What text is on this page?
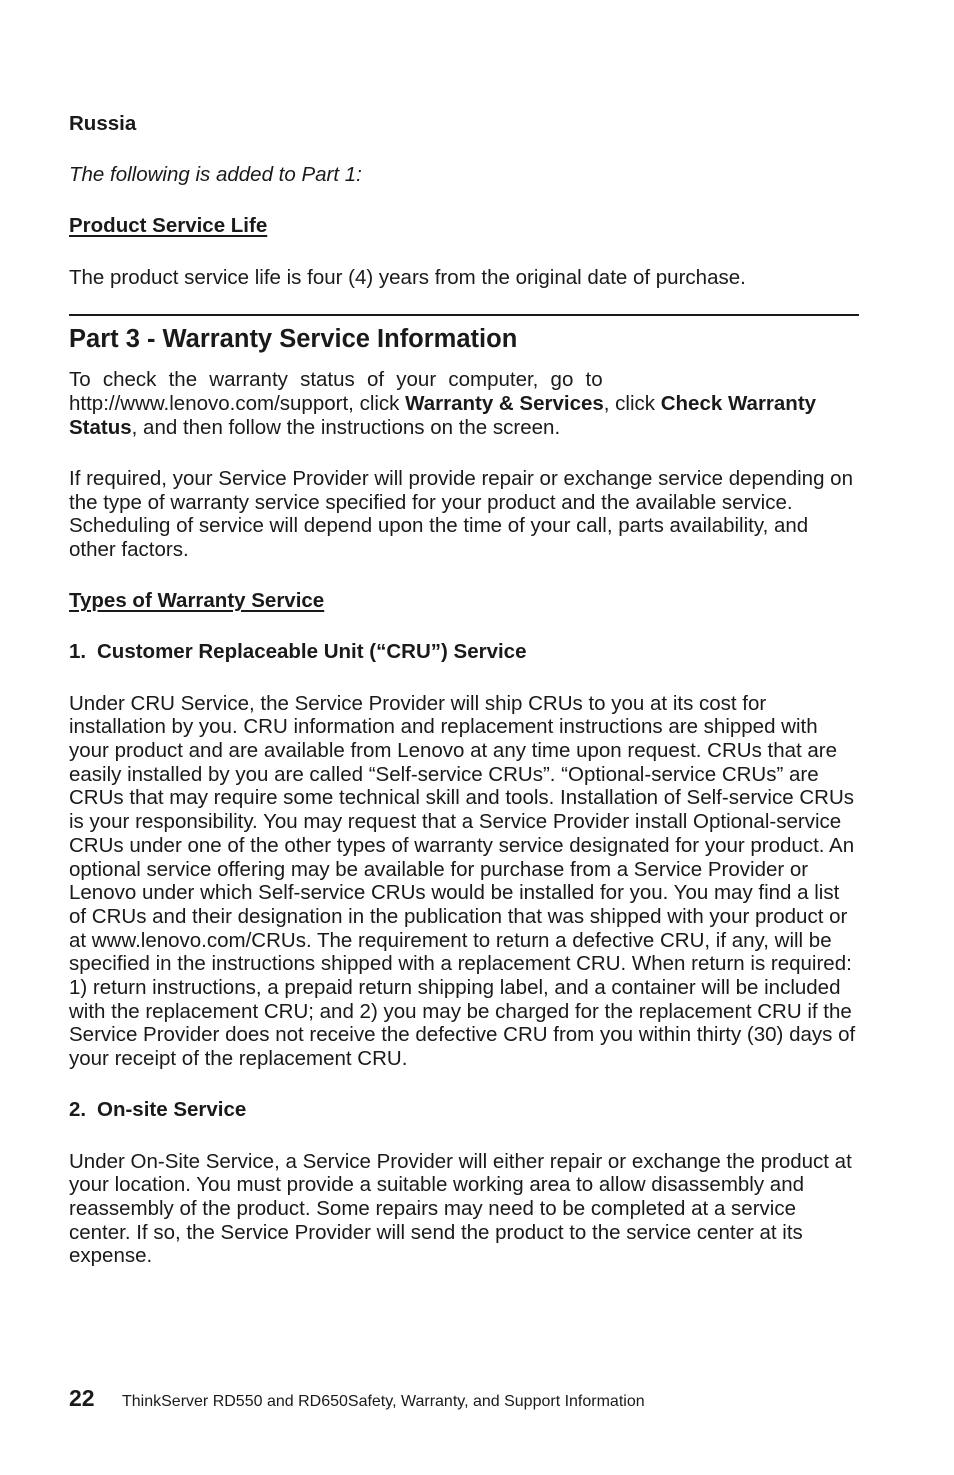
Russia

The following is added to Part 1:

Product Service Life

The product service life is four (4) years from the original date of purchase.

Part 3 - Warranty Service Information

To check the warranty status of your computer, go to
http://www.lenovo.com/support, click Warranty & Services, click Check Warranty Status, and then follow the instructions on the screen.

If required, your Service Provider will provide repair or exchange service depending on the type of warranty service specified for your product and the available service. Scheduling of service will depend upon the time of your call, parts availability, and other factors.

Types of Warranty Service

1. Customer Replaceable Unit (“CRU”) Service

Under CRU Service, the Service Provider will ship CRUs to you at its cost for installation by you. CRU information and replacement instructions are shipped with your product and are available from Lenovo at any time upon request. CRUs that are easily installed by you are called “Self-service CRUs”. “Optional-service CRUs” are CRUs that may require some technical skill and tools. Installation of Self-service CRUs is your responsibility. You may request that a Service Provider install Optional-service CRUs under one of the other types of warranty service designated for your product. An optional service offering may be available for purchase from a Service Provider or Lenovo under which Self-service CRUs would be installed for you. You may find a list of CRUs and their designation in the publication that was shipped with your product or at www.lenovo.com/CRUs. The requirement to return a defective CRU, if any, will be specified in the instructions shipped with a replacement CRU. When return is required: 1) return instructions, a prepaid return shipping label, and a container will be included with the replacement CRU; and 2) you may be charged for the replacement CRU if the Service Provider does not receive the defective CRU from you within thirty (30) days of your receipt of the replacement CRU.

2. On-site Service

Under On-Site Service, a Service Provider will either repair or exchange the product at your location. You must provide a suitable working area to allow disassembly and reassembly of the product. Some repairs may need to be completed at a service center. If so, the Service Provider will send the product to the service center at its expense.

22 ThinkServer RD550 and RD650Safety, Warranty, and Support Information
